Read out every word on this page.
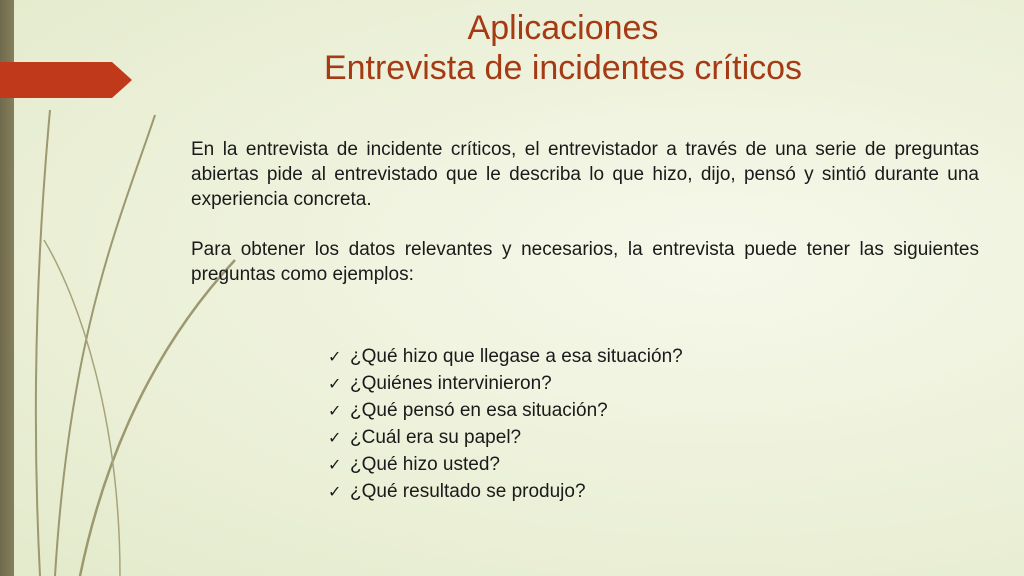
Aplicaciones
Entrevista de incidentes críticos

En la entrevista de incidente críticos, el entrevistador a través de una serie de preguntas abiertas pide al entrevistado que le describa lo que hizo, dijo, pensó y sintió durante una experiencia concreta.

Para obtener los datos relevantes y necesarios, la entrevista puede tener las siguientes preguntas como ejemplos:

✓ ¿Qué hizo que llegase a esa situación?
✓ ¿Quiénes intervinieron?
✓ ¿Qué pensó en esa situación?
✓ ¿Cuál era su papel?
✓ ¿Qué hizo usted?
✓ ¿Qué resultado se produjo?
